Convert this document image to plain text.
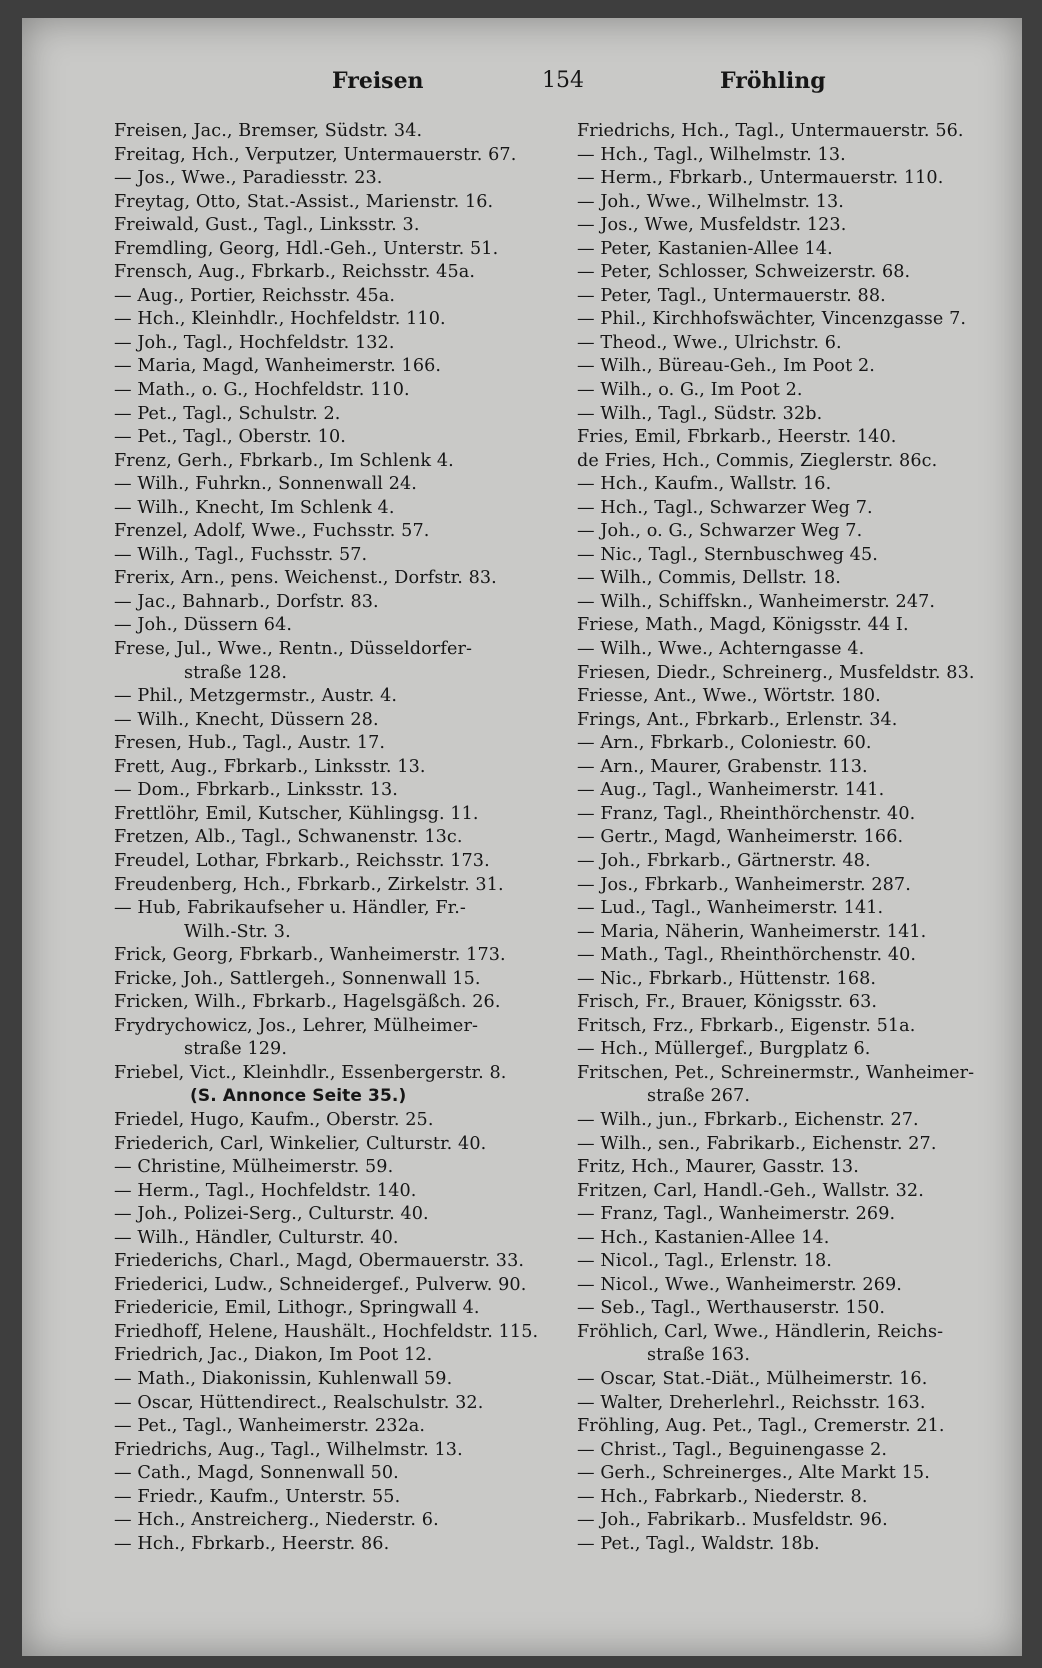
Freisen	154	Fröhling
Freisen, Jac., Bremser, Südstr. 34.
Freitag, Hch., Verputzer, Untermauerstr. 67.
— Jos., Wwe., Paradiesstr. 23.
Freytag, Otto, Stat.-Assist., Marienstr. 16.
Freiwald, Gust., Tagl., Linksstr. 3.
Fremdling, Georg, Hdl.-Geh., Unterstr. 51.
Frensch, Aug., Fbrkarb., Reichsstr. 45a.
— Aug., Portier, Reichsstr. 45a.
— Hch., Kleinhdlr., Hochfeldstr. 110.
— Joh., Tagl., Hochfeldstr. 132.
— Maria, Magd, Wanheimerstr. 166.
— Math., o. G., Hochfeldstr. 110.
— Pet., Tagl., Schulstr. 2.
— Pet., Tagl., Oberstr. 10.
Frenz, Gerh., Fbrkarb., Im Schlenk 4.
— Wilh., Fuhrkn., Sonnenwall 24.
— Wilh., Knecht, Im Schlenk 4.
Frenzel, Adolf, Wwe., Fuchsstr. 57.
— Wilh., Tagl., Fuchsstr. 57.
Frerix, Arn., pens. Weichenst., Dorfstr. 83.
— Jac., Bahnarb., Dorfstr. 83.
— Joh., Düssern 64.
Frese, Jul., Wwe., Rentn., Düsseldorfer-
straße 128.
— Phil., Metzgermstr., Austr. 4.
— Wilh., Knecht, Düssern 28.
Fresen, Hub., Tagl., Austr. 17.
Frett, Aug., Fbrkarb., Linksstr. 13.
— Dom., Fbrkarb., Linksstr. 13.
Frettlöhr, Emil, Kutscher, Kühlingsg. 11.
Fretzen, Alb., Tagl., Schwanenstr. 13c.
Freudel, Lothar, Fbrkarb., Reichsstr. 173.
Freudenberg, Hch., Fbrkarb., Zirkelstr. 31.
— Hub, Fabrikaufseher u. Händler, Fr.-
Wilh.-Str. 3.
Frick, Georg, Fbrkarb., Wanheimerstr. 173.
Fricke, Joh., Sattlergeh., Sonnenwall 15.
Fricken, Wilh., Fbrkarb., Hagelsgäßch. 26.
Frydrychowicz, Jos., Lehrer, Mülheimer-
straße 129.
Friebel, Vict., Kleinhdlr., Essenbergerstr. 8.
(S. Annonce Seite 35.)
Friedel, Hugo, Kaufm., Oberstr. 25.
Friederich, Carl, Winkelier, Culturstr. 40.
— Christine, Mülheimerstr. 59.
— Herm., Tagl., Hochfeldstr. 140.
— Joh., Polizei-Serg., Culturstr. 40.
— Wilh., Händler, Culturstr. 40.
Friederichs, Charl., Magd, Obermauerstr. 33.
Friederici, Ludw., Schneidergef., Pulverw. 90.
Friedericie, Emil, Lithogr., Springwall 4.
Friedhoff, Helene, Haushält., Hochfeldstr. 115.
Friedrich, Jac., Diakon, Im Poot 12.
— Math., Diakonissin, Kuhlenwall 59.
— Oscar, Hüttendirect., Realschulstr. 32.
— Pet., Tagl., Wanheimerstr. 232a.
Friedrichs, Aug., Tagl., Wilhelmstr. 13.
— Cath., Magd, Sonnenwall 50.
— Friedr., Kaufm., Unterstr. 55.
— Hch., Anstreicherg., Niederstr. 6.
— Hch., Fbrkarb., Heerstr. 86.
Friedrichs, Hch., Tagl., Untermauerstr. 56.
— Hch., Tagl., Wilhelmstr. 13.
— Herm., Fbrkarb., Untermauerstr. 110.
— Joh., Wwe., Wilhelmstr. 13.
— Jos., Wwe, Musfeldstr. 123.
— Peter, Kastanien-Allee 14.
— Peter, Schlosser, Schweizerstr. 68.
— Peter, Tagl., Untermauerstr. 88.
— Phil., Kirchhofswächter, Vincenzgasse 7.
— Theod., Wwe., Ulrichstr. 6.
— Wilh., Büreau-Geh., Im Poot 2.
— Wilh., o. G., Im Poot 2.
— Wilh., Tagl., Südstr. 32b.
Fries, Emil, Fbrkarb., Heerstr. 140.
de Fries, Hch., Commis, Zieglerstr. 86c.
— Hch., Kaufm., Wallstr. 16.
— Hch., Tagl., Schwarzer Weg 7.
— Joh., o. G., Schwarzer Weg 7.
— Nic., Tagl., Sternbuschweg 45.
— Wilh., Commis, Dellstr. 18.
— Wilh., Schiffskn., Wanheimerstr. 247.
Friese, Math., Magd, Königsstr. 44 I.
— Wilh., Wwe., Achterngasse 4.
Friesen, Diedr., Schreinerg., Musfeldstr. 83.
Friesse, Ant., Wwe., Wörtstr. 180.
Frings, Ant., Fbrkarb., Erlenstr. 34.
— Arn., Fbrkarb., Coloniestr. 60.
— Arn., Maurer, Grabenstr. 113.
— Aug., Tagl., Wanheimerstr. 141.
— Franz, Tagl., Rheinthörchenstr. 40.
— Gertr., Magd, Wanheimerstr. 166.
— Joh., Fbrkarb., Gärtnerstr. 48.
— Jos., Fbrkarb., Wanheimerstr. 287.
— Lud., Tagl., Wanheimerstr. 141.
— Maria, Näherin, Wanheimerstr. 141.
— Math., Tagl., Rheinthörchenstr. 40.
— Nic., Fbrkarb., Hüttenstr. 168.
Frisch, Fr., Brauer, Königsstr. 63.
Fritsch, Frz., Fbrkarb., Eigenstr. 51a.
— Hch., Müllergef., Burgplatz 6.
Fritschen, Pet., Schreinermstr., Wanheimer-
straße 267.
— Wilh., jun., Fbrkarb., Eichenstr. 27.
— Wilh., sen., Fabrikarb., Eichenstr. 27.
Fritz, Hch., Maurer, Gasstr. 13.
Fritzen, Carl, Handl.-Geh., Wallstr. 32.
— Franz, Tagl., Wanheimerstr. 269.
— Hch., Kastanien-Allee 14.
— Nicol., Tagl., Erlenstr. 18.
— Nicol., Wwe., Wanheimerstr. 269.
— Seb., Tagl., Werthauserstr. 150.
Fröhlich, Carl, Wwe., Händlerin, Reichs-
straße 163.
— Oscar, Stat.-Diät., Mülheimerstr. 16.
— Walter, Dreherlehrl., Reichsstr. 163.
Fröhling, Aug. Pet., Tagl., Cremerstr. 21.
— Christ., Tagl., Beguinengasse 2.
— Gerh., Schreinerges., Alte Markt 15.
— Hch., Fabrkarb., Niederstr. 8.
— Joh., Fabrikarb.. Musfeldstr. 96.
— Pet., Tagl., Waldstr. 18b.
